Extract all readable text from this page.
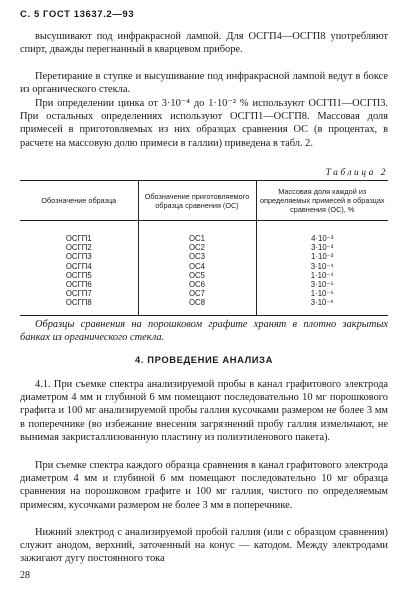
С. 5 ГОСТ 13637.2—93

высушивают под инфракрасной лампой. Для ОСГП4—ОСГП8 употребляют спирт, дважды перегнанный в кварцевом приборе.

Перетирание в ступке и высушивание под инфракрасной лампой ведут в боксе из органического стекла.

При определении цинка от 3·10⁻⁴ до 1·10⁻² % используют ОСГП1—ОСГП3. При остальных определениях используют ОСГП1—ОСГП8. Массовая доля примесей в приготовляемых из них образцах сравнения ОС (в процентах, в расчете на массовую долю примеси в галлии) приведена в табл. 2.

Таблица 2
Обозначение образца	Обозначение приготовляемого образца сравнения (ОС)	Массовая доля каждой из определяемых примесей в образцах сравнения (ОС), %
ОСГП1	ОС1	4·10⁻³
ОСГП2	ОС2	3·10⁻³
ОСГП3	ОС3	1·10⁻³
ОСГП4	ОС4	3·10⁻⁴
ОСГП5	ОС5	1·10⁻⁴
ОСГП6	ОС6	3·10⁻⁵
ОСГП7	ОС7	1·10⁻⁵
ОСГП8	ОС8	3·10⁻⁶

Образцы сравнения на порошковом графите хранят в плотно закрытых банках из органического стекла.

4. ПРОВЕДЕНИЕ АНАЛИЗА

4.1. При съемке спектра анализируемой пробы в канал графитового электрода диаметром 4 мм и глубиной 6 мм помещают последовательно 10 мг порошкового графита и 100 мг анализируемой пробы галлия кусочками размером не более 3 мм в поперечнике (во избежание внесения загрязнений пробу галлия измельчают, не вынимая закристаллизованную пластину из полиэтиленового пакета).

При съемке спектра каждого образца сравнения в канал графитового электрода диаметром 4 мм и глубиной 6 мм помещают последовательно 10 мг образца сравнения на порошковом графите и 100 мг галлия, чистого по определяемым примесям, кусочками размером не более 3 мм в поперечнике.

Нижний электрод с анализируемой пробой галлия (или с образцом сравнения) служит анодом, верхний, заточенный на конус — катодом. Между электродами зажигают дугу постоянного тока

28
